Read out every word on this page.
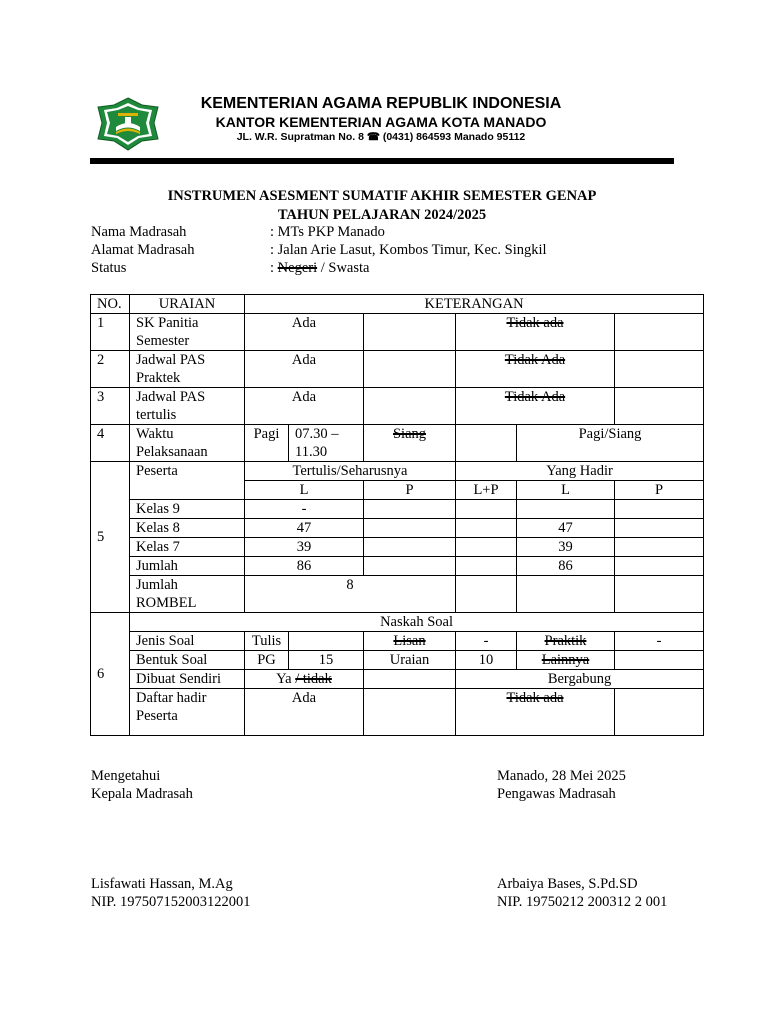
KEMENTERIAN AGAMA REPUBLIK INDONESIA
KANTOR KEMENTERIAN AGAMA KOTA MANADO
JL. W.R. Supratman No. 8 ☎ (0431) 864593 Manado 95112
INSTRUMEN ASESMENT SUMATIF AKHIR SEMESTER GENAP
TAHUN PELAJARAN 2024/2025
Nama Madrasah	: MTs PKP Manado
Alamat Madrasah	: Jalan Arie Lasut, Kombos Timur, Kec. Singkil
Status	: Negeri / Swasta
NO.	URAIAN	KETERANGAN						
1	SK Panitia Semester	Ada			Tidak ada			
2	Jadwal PAS Praktek	Ada			Tidak Ada			
3	Jadwal PAS tertulis	Ada			Tidak Ada			
4	Waktu Pelaksanaan	Pagi	07.30 – 11.30	Siang		Pagi/Siang		
5	Peserta	Tertulis/Seharusnya			Yang Hadir			
		L		P	L+P	L	P	
	Kelas 9	-						
	Kelas 8	47				47		
	Kelas 7	39				39		
	Jumlah	86				86		
	Jumlah ROMBEL	8						
6	Naskah Soal							
	Jenis Soal	Tulis		Lisan	-	Praktik	-	
	Bentuk Soal	PG	15	Uraian	10	Lainnya		
	Dibuat Sendiri	Ya / tidak			Bergabung	
	Daftar hadir Peserta	Ada			Tidak ada			
Mengetahui
Kepala Madrasah
Lisfawati Hassan, M.Ag
NIP. 197507152003122001
Manado, 28 Mei 2025
Pengawas Madrasah
Arbaiya Bases, S.Pd.SD
NIP. 19750212 200312 2 001
